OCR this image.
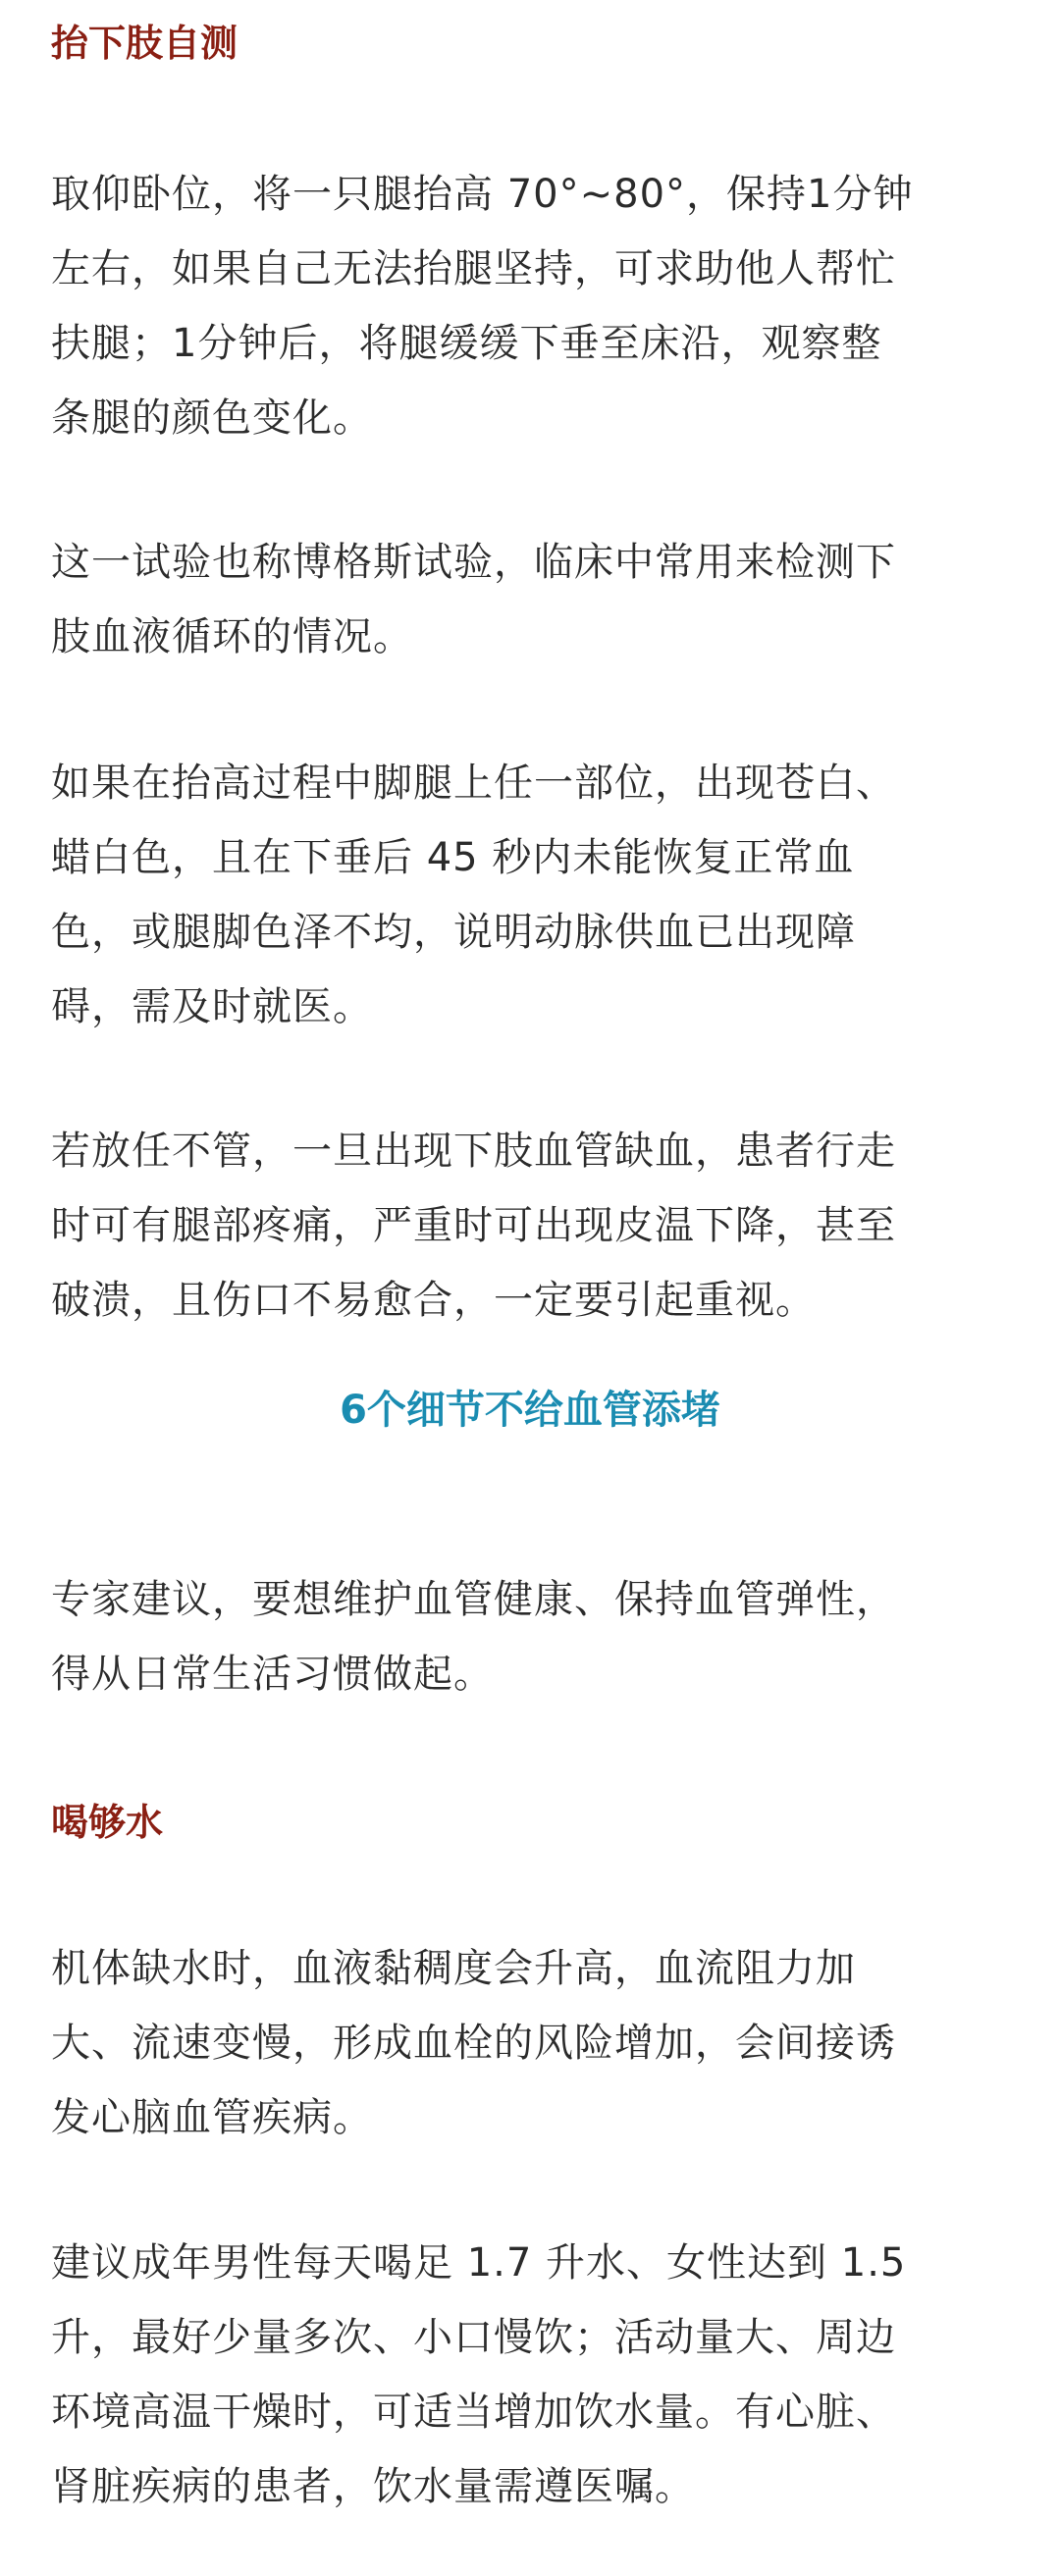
抬下肢自测
取仰卧位，将一只腿抬高 70°~80°，保持1分钟
左右，如果自己无法抬腿坚持，可求助他人帮忙
扶腿；1分钟后，将腿缓缓下垂至床沿，观察整
条腿的颜色变化。
这一试验也称博格斯试验，临床中常用来检测下
肢血液循环的情况。
如果在抬高过程中脚腿上任一部位，出现苍白、
蜡白色，且在下垂后 45 秒内未能恢复正常血
色，或腿脚色泽不均，说明动脉供血已出现障
碍，需及时就医。
若放任不管，一旦出现下肢血管缺血，患者行走
时可有腿部疼痛，严重时可出现皮温下降，甚至
破溃，且伤口不易愈合，一定要引起重视。
6个细节不给血管添堵
专家建议，要想维护血管健康、保持血管弹性，
得从日常生活习惯做起。
喝够水
机体缺水时，血液黏稠度会升高，血流阻力加
大、流速变慢，形成血栓的风险增加，会间接诱
发心脑血管疾病。
建议成年男性每天喝足 1.7 升水、女性达到 1.5
升，最好少量多次、小口慢饮；活动量大、周边
环境高温干燥时，可适当增加饮水量。有心脏、
肾脏疾病的患者，饮水量需遵医嘱。
